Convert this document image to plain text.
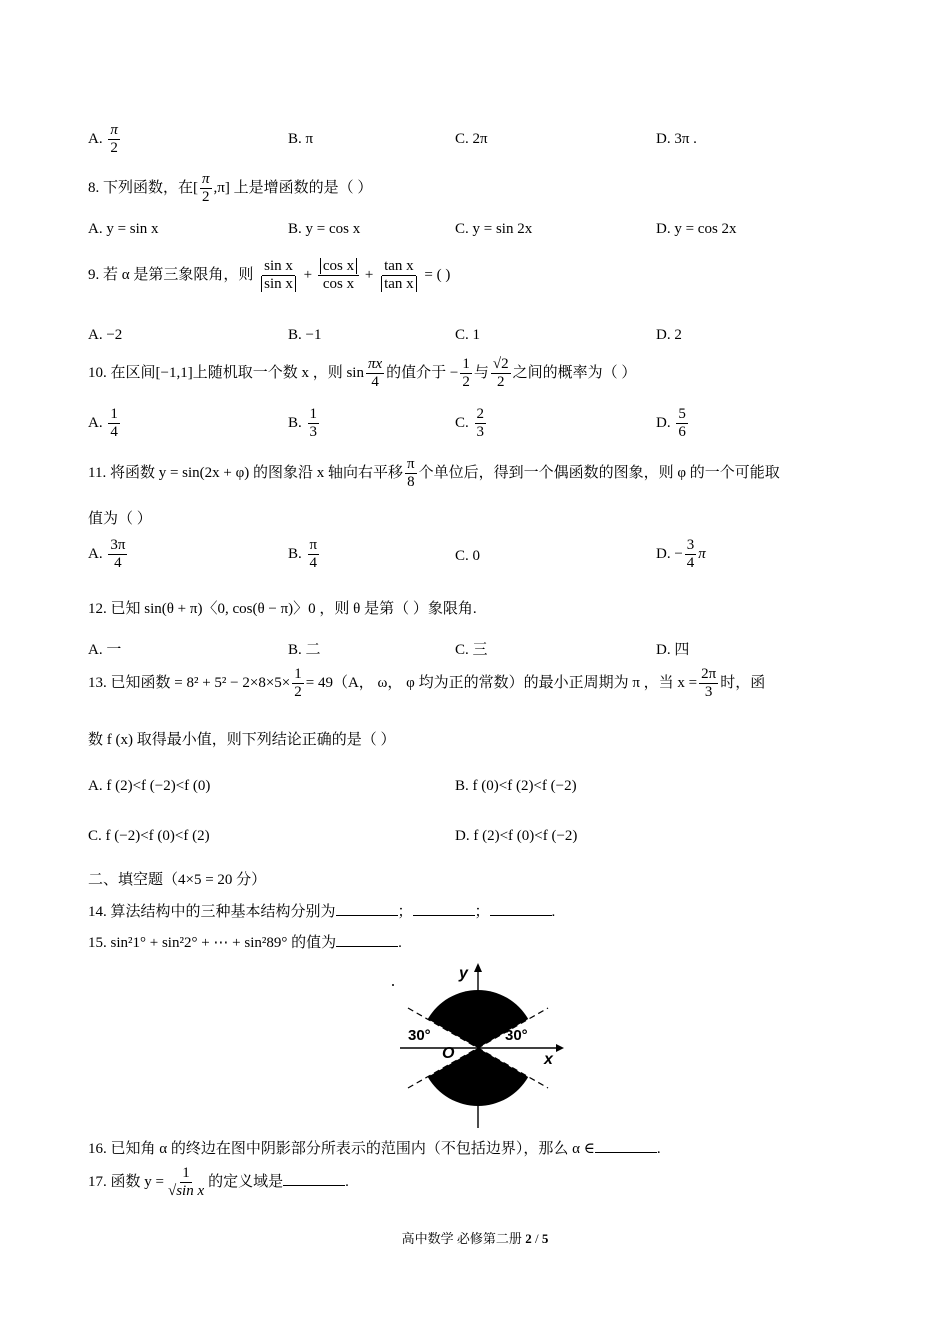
A. $\frac{\pi}{2}$	B. π	C. 2π	D. 3π .
8. 下列函数，在[ $\frac{\pi}{2} ,\pi$] 上是增函数的是（ ）
A. y = sin x	B. y = cos x	C. y = sin 2x	D. y = cos 2x
9. 若 α 是第三象限角，则 $\frac{\text{sin x}}{\text{sin x}} + \frac{\text{cos x}}{\text{cos x}} + \frac{\text{tan x}}{\text{tan x}}$ = ( )
A. −2	B. −1	C. 1	D. 2
10. 在区间[−1,1]上随机取一个数 x ，则 $\sin \frac{\pi x}{4}$ 的值介于 − $\frac{1}{2}$ 与 $\frac{√2}{2}$ 之间的概率为（ ）
A. $\frac{1}{4}$	B. $\frac{1}{3}$	C. $\frac{2}{3}$	D. $\frac{5}{6}$
11. 将函数 y = sin(2x + φ) 的图象沿 x 轴向右平移 $\frac{\pi}{8}$ 个单位后，得到一个偶函数的图象，则 φ 的一个可能取
值为（ ）
A. $\frac{3\pi}{4}$	B. $\frac{\pi}{4}$	C. 0	D. − $\frac{3}{4}$ π
12. 已知 sin(θ + π)〈0, cos(θ − π)〉0 ，则 θ 是第（ ）象限角.
A. 一	B. 二	C. 三	D. 四
13. 已知函数 = $8^2 + 5^2 - 2\times 8\times 5\times \frac{1}{2} = 49(A$， ω， φ 均为正的常数）的最小正周期为 π ，当 $x = \frac{2\pi}{3}$ 时，函
数 f (x) 取得最小值，则下列结论正确的是（ ）
A. f (2)<f (−2)<f (0)	B. f (0)<f (2)<f (−2)
C. f (−2)<f (0)<f (2)	D. f (2)<f (0)<f (−2)
二、填空题（4×5 = 20 分）
14. 算法结构中的三种基本结构分别为	；	；	.
15. sin²1° + sin²2° + ⋯ + sin²89° 的值为	.
y
x
O
30°	30°
16. 已知角 α 的终边在图中阴影部分所表示的范围内（不包括边界），那么 α ∈	.
17. 函数 $y = \frac{1}{\text{√sin x}}$ 的定义域是	.
高中数学 必修第二册 2 / 5
